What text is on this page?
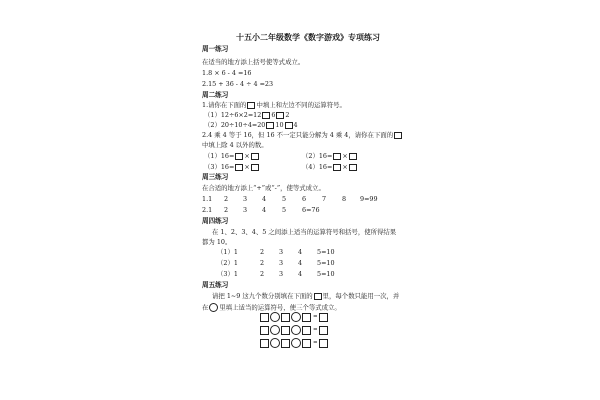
十五小二年级数学《数字游戏》专项练习
周一练习
在适当的地方添上括号使等式成立。
1.8 × 6 - 4 =16
2.15 + 36 - 4 ÷ 4 =23
周二练习
1.请你在下面的 中填上和左边不同的运算符号。
（1）12÷6×2=12 6 2
（2）20÷10÷4=20 10 4
2.4 乘 4 等于 16，但 16 不一定只能分解为 4 乘 4，请你在下面的
中填上除 4 以外的数。
（1）16= ×	（2）16= ×
（3）16= ×	（4）16= ×
周三练习
在合适的地方添上“+”或“-”，使等式成立。
1.1 2 3 4 5 6 7 8 9=99
2.1 2 3 4 5 6=76
周四练习
在 1、2、3、4、5 之间添上适当的运算符号和括号，使所得结果
都为 10。
（1）1	2 3 4 5=10
（2）1	2 3 4 5=10
（3）1	2 3 4 5=10
周五练习
请把 1~9 这九个数分别填在下面的 里，每个数只能用一次，并
在 里填上适当的运算符号，使三个等式成立。
=
=
=
